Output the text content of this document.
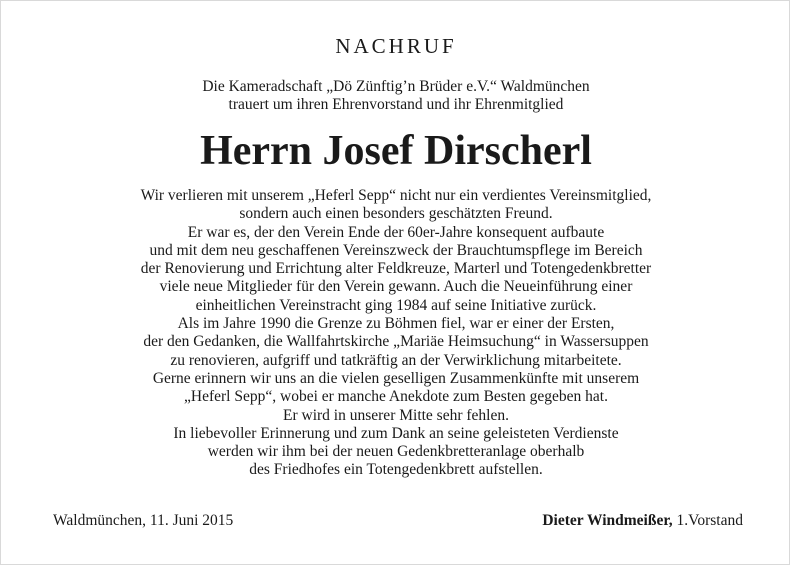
NACHRUF
Die Kameradschaft „Dö Zünftig’n Brüder e.V.“ Waldmünchen
trauert um ihren Ehrenvorstand und ihr Ehrenmitglied
Herrn Josef Dirscherl
Wir verlieren mit unserem „Heferl Sepp“ nicht nur ein verdientes Vereinsmitglied,
sondern auch einen besonders geschätzten Freund.
Er war es, der den Verein Ende der 60er-Jahre konsequent aufbaute
und mit dem neu geschaffenen Vereinszweck der Brauchtumspflege im Bereich
der Renovierung und Errichtung alter Feldkreuze, Marterl und Totengedenkbretter
viele neue Mitglieder für den Verein gewann. Auch die Neueinführung einer
einheitlichen Vereinstracht ging 1984 auf seine Initiative zurück.
Als im Jahre 1990 die Grenze zu Böhmen fiel, war er einer der Ersten,
der den Gedanken, die Wallfahrtskirche „Mariäe Heimsuchung“ in Wassersuppen
zu renovieren, aufgriff und tatkräftig an der Verwirklichung mitarbeitete.
Gerne erinnern wir uns an die vielen geselligen Zusammenkünfte mit unserem
„Heferl Sepp“, wobei er manche Anekdote zum Besten gegeben hat.
Er wird in unserer Mitte sehr fehlen.
In liebevoller Erinnerung und zum Dank an seine geleisteten Verdienste
werden wir ihm bei der neuen Gedenkbretteranlage oberhalb
des Friedhofes ein Totengedenkbrett aufstellen.
Waldmünchen, 11. Juni 2015	Dieter Windmeißer, 1.Vorstand
